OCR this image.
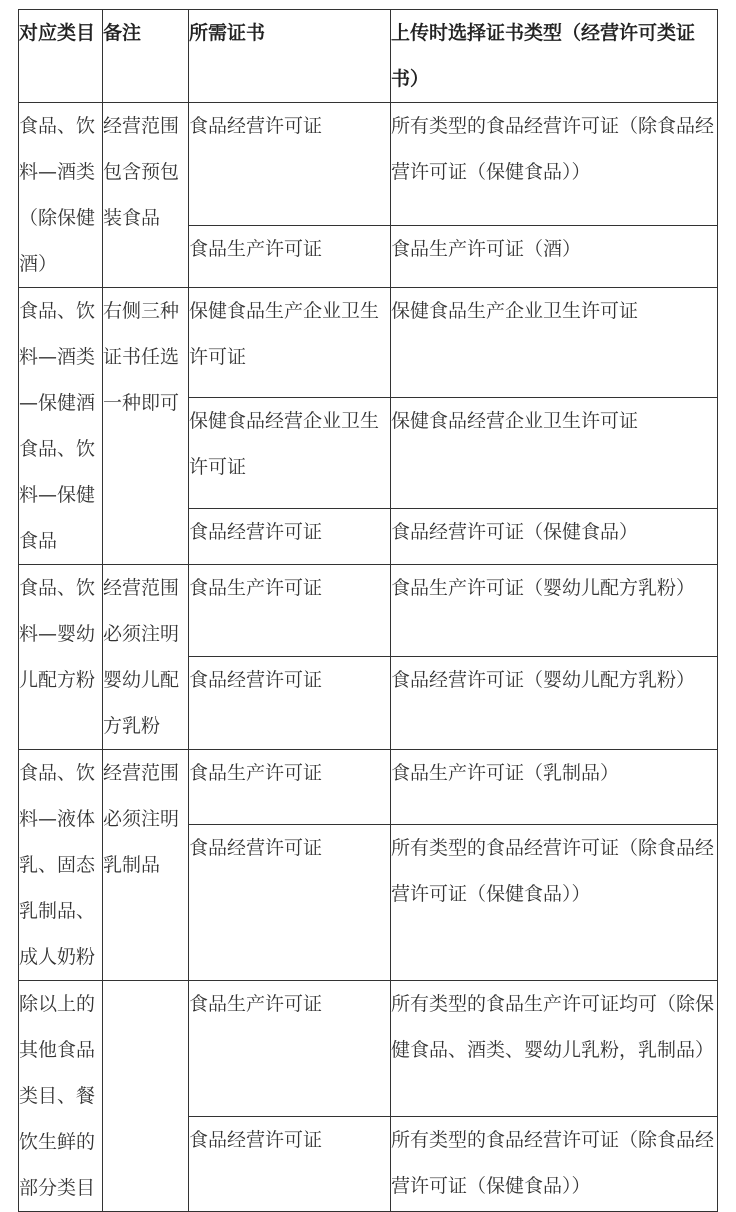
对应类目	备注	所需证书	上传时选择证书类型（经营许可类证书）
食品、饮料—酒类（除保健酒）	经营范围包含预包装食品	食品经营许可证	所有类型的食品经营许可证（除食品经营许可证（保健食品））
		食品生产许可证	食品生产许可证（酒）
食品、饮料—酒类—保健酒食品、饮料—保健食品	右侧三种证书任选一种即可	保健食品生产企业卫生许可证	保健食品生产企业卫生许可证
		保健食品经营企业卫生许可证	保健食品经营企业卫生许可证
		食品经营许可证	食品经营许可证（保健食品）
食品、饮料—婴幼儿配方粉	经营范围必须注明婴幼儿配方乳粉	食品生产许可证	食品生产许可证（婴幼儿配方乳粉）
		食品经营许可证	食品经营许可证（婴幼儿配方乳粉）
食品、饮料—液体乳、固态乳制品、成人奶粉	经营范围必须注明乳制品	食品生产许可证	食品生产许可证（乳制品）
		食品经营许可证	所有类型的食品经营许可证（除食品经营许可证（保健食品））
除以上的其他食品类目、餐饮生鲜的部分类目		食品生产许可证	所有类型的食品生产许可证均可（除保健食品、酒类、婴幼儿乳粉，乳制品）
		食品经营许可证	所有类型的食品经营许可证（除食品经营许可证（保健食品））
